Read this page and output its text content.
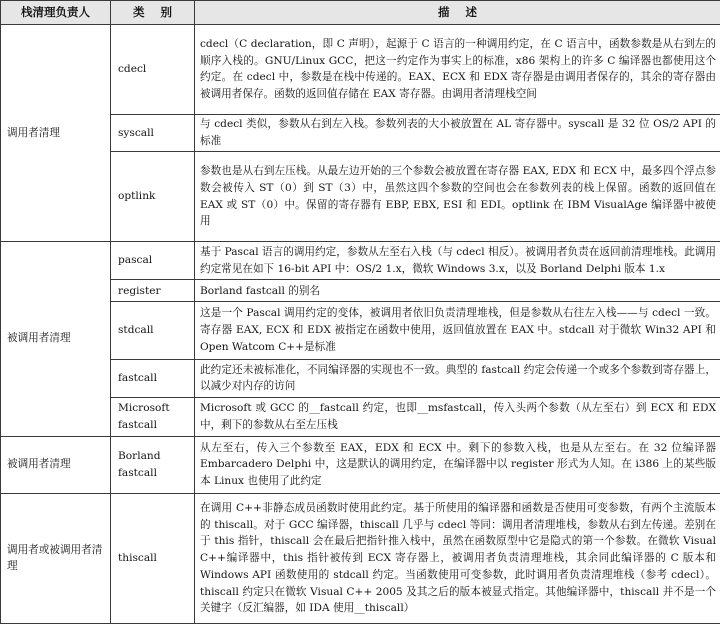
栈清理负责人	类    别	描    述
调用者清理	cdecl	cdecl（C declaration，即 C 声明），起源于 C 语言的一种调用约定，在 C 语言中，函数参数是从右到左的顺序入栈的。GNU/Linux GCC，把这一约定作为事实上的标准，x86 架构上的许多 C 编译器也都使用这个约定。在 cdecl 中，参数是在栈中传递的。EAX、ECX 和 EDX 寄存器是由调用者保存的，其余的寄存器由被调用者保存。函数的返回值存储在 EAX 寄存器。由调用者清理栈空间
	syscall	与 cdecl 类似，参数从右到左入栈。参数列表的大小被放置在 AL 寄存器中。syscall 是 32 位 OS/2 API 的标准
	optlink	参数也是从右到左压栈。从最左边开始的三个参数会被放置在寄存器 EAX, EDX 和 ECX 中，最多四个浮点参数会被传入 ST（0）到 ST（3）中，虽然这四个参数的空间也会在参数列表的栈上保留。函数的返回值在 EAX 或 ST（0）中。保留的寄存器有 EBP, EBX, ESI 和 EDI。optlink 在 IBM VisualAge 编译器中被使用
被调用者清理	pascal	基于 Pascal 语言的调用约定，参数从左至右入栈（与 cdecl 相反）。被调用者负责在返回前清理堆栈。此调用约定常见在如下 16-bit API 中：OS/2 1.x，微软 Windows 3.x，以及 Borland Delphi 版本 1.x
	register	Borland fastcall 的别名
	stdcall	这是一个 Pascal 调用约定的变体，被调用者依旧负责清理堆栈，但是参数从右往左入栈——与 cdecl 一致。寄存器 EAX, ECX 和 EDX 被指定在函数中使用，返回值放置在 EAX 中。stdcall 对于微软 Win32 API 和 Open Watcom C++是标准
	fastcall	此约定还未被标准化，不同编译器的实现也不一致。典型的 fastcall 约定会传递一个或多个参数到寄存器上，以减少对内存的访问
	Microsoft fastcall	Microsoft 或 GCC 的__fastcall 约定，也即__msfastcall，传入头两个参数（从左至右）到 ECX 和 EDX 中，剩下的参数从右至左压栈
被调用者清理	Borland fastcall	从左至右，传入三个参数至 EAX，EDX 和 ECX 中。剩下的参数入栈，也是从左至右。在 32 位编译器 Embarcadero Delphi 中，这是默认的调用约定，在编译器中以 register 形式为人知。在 i386 上的某些版本 Linux 也使用了此约定
调用者或被调用者清理	thiscall	在调用 C++非静态成员函数时使用此约定。基于所使用的编译器和函数是否使用可变参数，有两个主流版本的 thiscall。对于 GCC 编译器，thiscall 几乎与 cdecl 等同：调用者清理堆栈，参数从右到左传递。差别在于 this 指针，thiscall 会在最后把指针推入栈中，虽然在函数原型中它是隐式的第一个参数。在微软 Visual C++编译器中，this 指针被传到 ECX 寄存器上，被调用者负责清理堆栈，其余同此编译器的 C 版本和 Windows API 函数使用的 stdcall 约定。当函数使用可变参数，此时调用者负责清理堆栈（参考 cdecl）。thiscall 约定只在微软 Visual C++ 2005 及其之后的版本被显式指定。其他编译器中，thiscall 并不是一个关键字（反汇编器，如 IDA 使用__thiscall）
